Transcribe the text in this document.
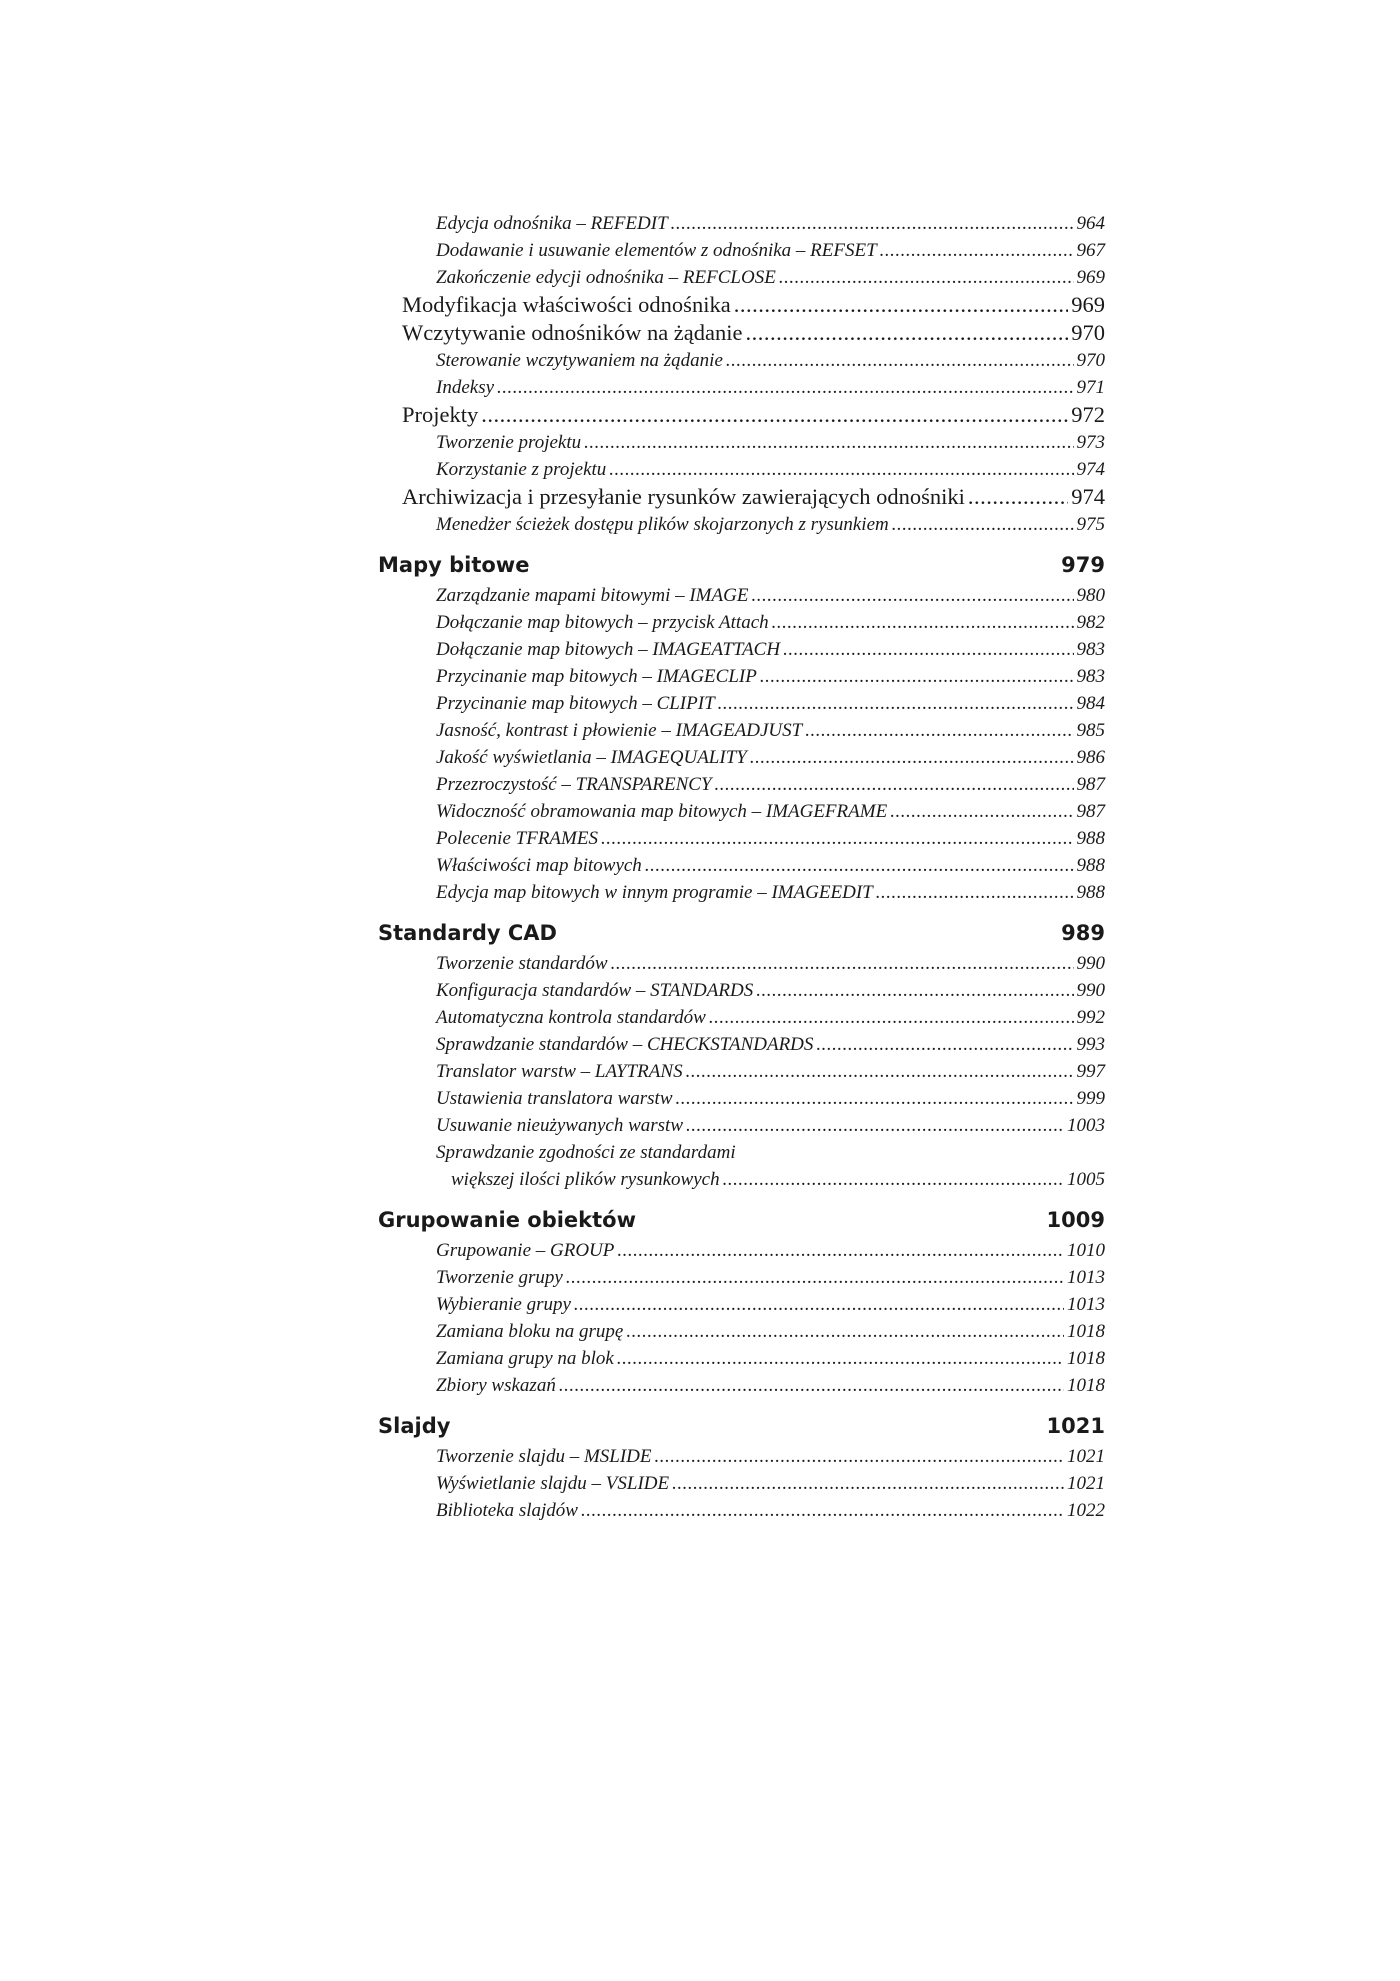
Edycja odnośnika – REFEDIT .....	964
Dodawanie i usuwanie elementów z odnośnika – REFSET .....	967
Zakończenie edycji odnośnika – REFCLOSE .....	969
Modyfikacja właściwości odnośnika .....	969
Wczytywanie odnośników na żądanie .....	970
Sterowanie wczytywaniem na żądanie .....	970
Indeksy .....	971
Projekty .....	972
Tworzenie projektu .....	973
Korzystanie z projektu .....	974
Archiwizacja i przesyłanie rysunków zawierających odnośniki .....	974
Menedżer ścieżek dostępu plików skojarzonych z rysunkiem .....	975
Mapy bitowe	979
Zarządzanie mapami bitowymi – IMAGE .....	980
Dołączanie map bitowych – przycisk Attach .....	982
Dołączanie map bitowych – IMAGEATTACH .....	983
Przycinanie map bitowych – IMAGECLIP .....	983
Przycinanie map bitowych – CLIPIT .....	984
Jasność, kontrast i płowienie – IMAGEADJUST .....	985
Jakość wyświetlania – IMAGEQUALITY .....	986
Przezroczystość – TRANSPARENCY .....	987
Widoczność obramowania map bitowych – IMAGEFRAME .....	987
Polecenie TFRAMES .....	988
Właściwości map bitowych .....	988
Edycja map bitowych w innym programie – IMAGEEDIT .....	988
Standardy CAD	989
Tworzenie standardów .....	990
Konfiguracja standardów – STANDARDS .....	990
Automatyczna kontrola standardów .....	992
Sprawdzanie standardów – CHECKSTANDARDS .....	993
Translator warstw – LAYTRANS .....	997
Ustawienia translatora warstw .....	999
Usuwanie nieużywanych warstw .....	1003
Sprawdzanie zgodności ze standardami
większej ilości plików rysunkowych .....	1005
Grupowanie obiektów	1009
Grupowanie – GROUP .....	1010
Tworzenie grupy .....	1013
Wybieranie grupy .....	1013
Zamiana bloku na grupę .....	1018
Zamiana grupy na blok .....	1018
Zbiory wskazań .....	1018
Slajdy	1021
Tworzenie slajdu – MSLIDE .....	1021
Wyświetlanie slajdu – VSLIDE .....	1021
Biblioteka slajdów .....	1022
